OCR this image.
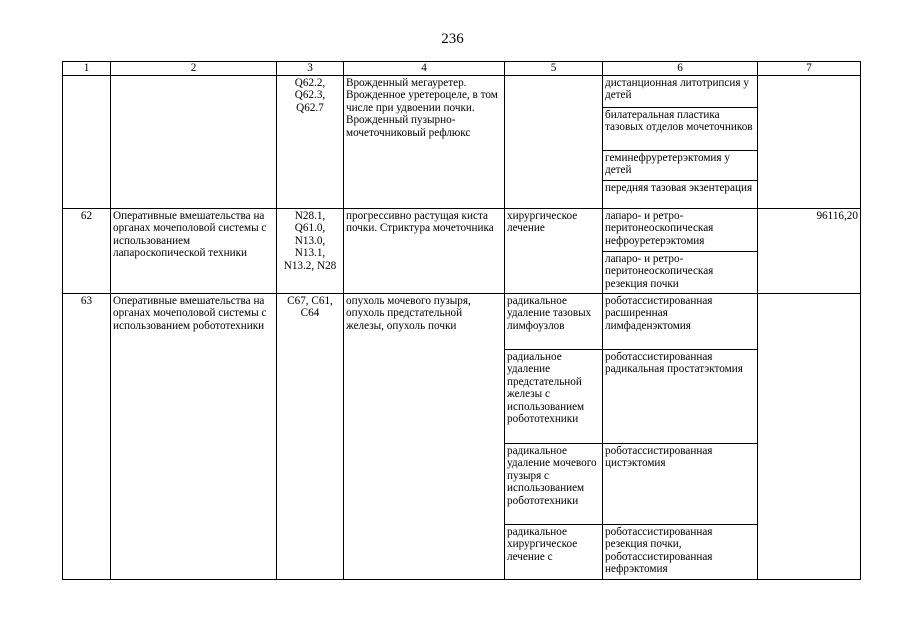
236
1	2	3	4	5	6	7
		Q62.2,
Q62.3,
Q62.7	Врожденный мегауретер. Врожденное уретероцеле, в том числе при удвоении почки. Врожденный пузырно-мочеточниковый рефлюкс		дистанционная литотрипсия у детей	
					билатеральная пластика тазовых отделов мочеточников	
					геминефруретерэктомия у детей	
					передняя тазовая экзентерация	
62	Оперативные вмешательства на органах мочеполовой системы с использованием лапароскопической техники	N28.1,
Q61.0,
N13.0,
N13.1,
N13.2, N28	прогрессивно растущая киста почки. Стриктура мочеточника	хирургическое лечение	лапаро- и ретро-перитонеоскопическая нефроуретерэктомия	96116,20
					лапаро- и ретро-перитонеоскопическая резекция почки	
63	Оперативные вмешательства на органах мочеполовой системы с использованием робототехники	C67, C61,
C64	опухоль мочевого пузыря, опухоль предстательной железы, опухоль почки	радикальное удаление тазовых лимфоузлов	роботассистированная расширенная лимфаденэктомия	
				радиальное удаление предстательной железы с использованием робототехники	роботассистированная радикальная простатэктомия	
				радикальное удаление мочевого пузыря с использованием робототехники	роботассистированная цистэктомия	
				радикальное хирургическое лечение с	роботассистированная резекция почки, роботассистированная нефрэктомия	
